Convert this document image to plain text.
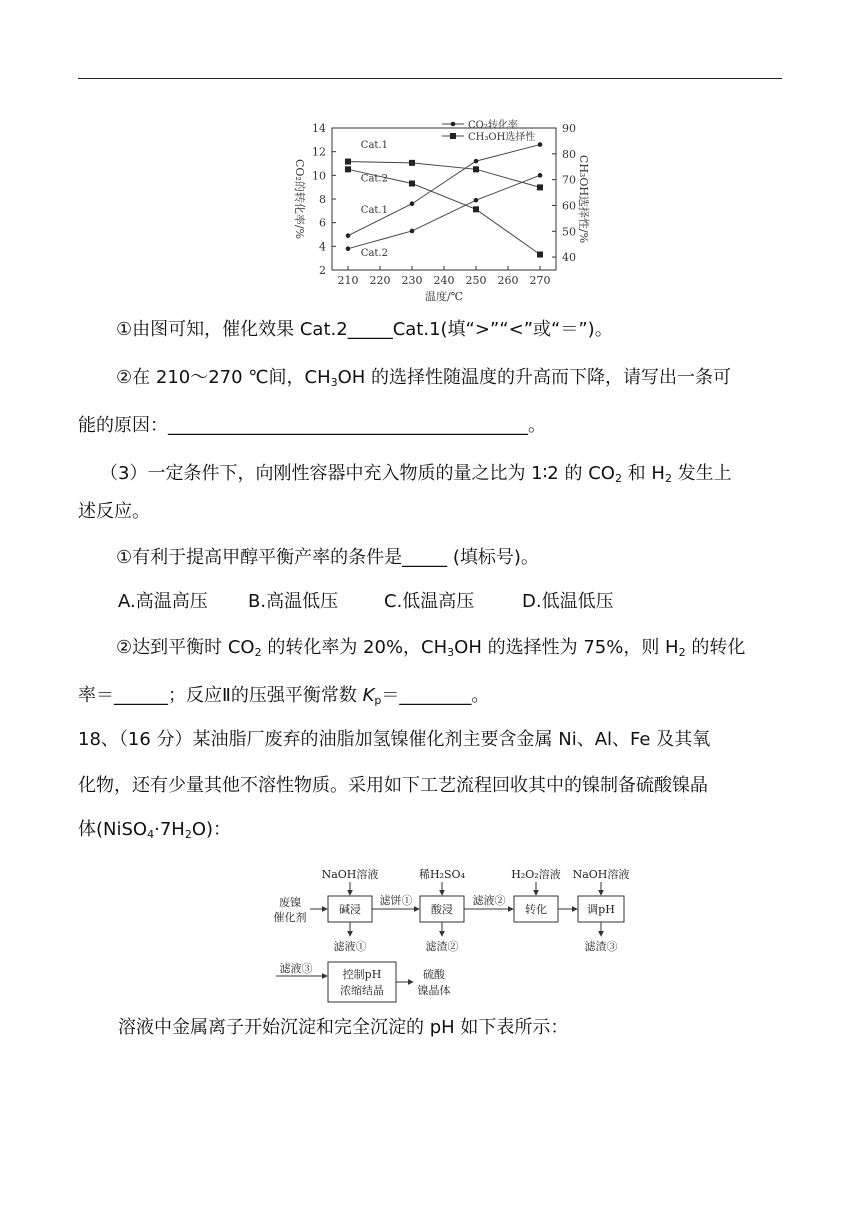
2
4
6
8
10
12
14
40
50
60
70
80
90
210 220 230 240 250 260 270
Cat.1
Cat.2
Cat.1
Cat.2
CO₂转化率
CH₃OH选择性
CO₂的转化率/%	CH₃OH选择性/%
温度/℃

①由图可知，催化效果 Cat.2_____Cat.1(填“>”“<”或“＝”)。

②在 210～270 ℃间，$CH_3OH$ 的选择性随温度的升高而下降，请写出一条可

能的原因：________________________________________。

（3）一定条件下，向刚性容器中充入物质的量之比为 1∶2 的 $CO_2$ 和 $H_2$ 发生上

述反应。

①有利于提高甲醇平衡产率的条件是_____ (填标号)。

A.高温高压 B.高温低压	C.低温高压	D.低温低压

②达到平衡时 $CO_2$ 的转化率为 20%，$CH_3OH$ 的选择性为 75%，则 $H_2$ 的转化

率＝______；反应Ⅱ的压强平衡常数 $K_p=\_\_\_\_\_\_\_\_$。

18、（16 分）某油脂厂废弃的油脂加氢镍催化剂主要含金属 Ni、Al、Fe 及其氧

化物，还有少量其他不溶性物质。采用如下工艺流程回收其中的镍制备硫酸镍晶

体$(NiSO_4\cdot 7H_2O)$：

NaOH溶液	稀H₂SO₄	H₂O₂溶液 NaOH溶液
废镍
催化剂
碱浸	酸浸	转化	调pH
滤饼①	滤液②
滤液①	滤渣②	滤渣③
滤液③	控制pH
浓缩结晶
硫酸
镍晶体

溶液中金属离子开始沉淀和完全沉淀的 pH 如下表所示：
